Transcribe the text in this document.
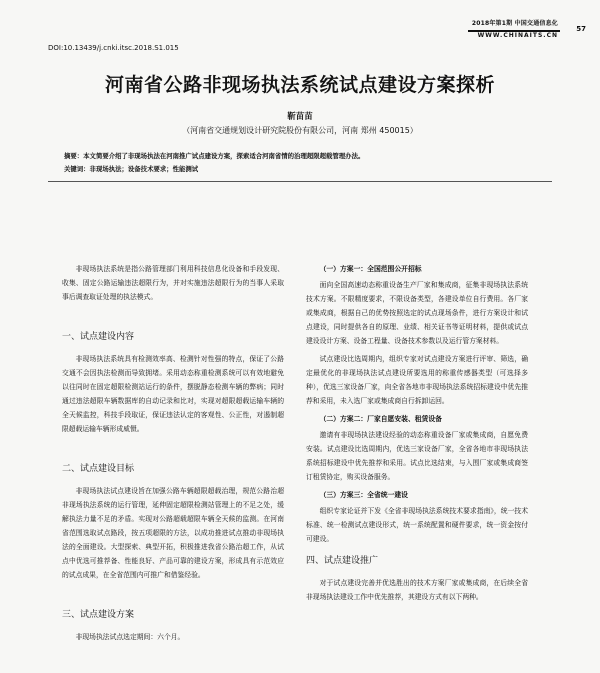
2018年第1期 中国交通信息化
57
WWW.CHINAITS.CN
DOI:10.13439/j.cnki.itsc.2018.S1.015
河南省公路非现场执法系统试点建设方案探析
靳苗苗
（河南省交通规划设计研究院股份有限公司，河南 郑州 450015）
摘要：本文简要介绍了非现场执法在河南推广试点建设方案，探索适合河南省情的治理超限超载管理办法。
关键词：非现场执法；设备技术要求；性能测试

非现场执法系统是指公路管理部门利用科技信息化设备和手段发现、收集、固定公路运输违法超限行为，并对实施违法超限行为的当事人采取事后调查取证处理的执法模式。

一、试点建设内容

非现场执法系统具有检测效率高、检测针对性强的特点，保证了公路交通不会因执法检测而导致拥堵。采用动态称重检测系统可以有效地避免以往同时在固定超限检测站运行的条件，摆脱静态检测车辆的弊病；同时通过违法超限车辆数据库的自动记录和比对，实现对超限超载运输车辆的全天候监控，科技手段取证，保证违法认定的客观性、公正性，对遏制超限超载运输车辆形成威慑。

二、试点建设目标

非现场执法试点建设旨在加强公路车辆超限超载治理，规范公路治超非现场执法系统的运行管理，延伸固定超限检测站管理上的不足之处，缓解执法力量不足的矛盾。实现对公路超载超限车辆全天候的监测。在河南省范围选取试点路段，按五项超限的方法，以成功推进试点推动非现场执法的全面建设。大型探索、典型开拓，积极推进我省公路治超工作，从试点中优选可推荐备、性能良好、产品可靠的建设方案，形成具有示范效应的试点成果，在全省范围内可推广和借鉴经验。

三、试点建设方案

非现场执法试点选定期间：六个月。

（一）方案一：全国范围公开招标

面向全国高速动态称重设备生产厂家和集成商，征集非现场执法系统技术方案。不限精度要求，不限设备类型，各建设单位自行费用。各厂家或集成商，根据自己的优势按照选定的试点现场条件，进行方案设计和试点建设，同时提供各自的原理、业绩、相关证书等证明材料，提供或试点建设设计方案、设备工程量、设备技术参数以及运行管方案材料。

试点建设比选周期内，组织专家对试点建设方案进行评审、筛选，确定最优化的非现场执法试点建设所要选用的称重传感器类型（可选择多种），优选三家设备厂家，向全省各地市非现场执法系统招标建设中优先推荐和采用，未入选厂家或集成商自行拆卸运回。

（二）方案二：厂家自愿安装、租赁设备

邀请有非现场执法建设经验的动态称重设备厂家或集成商，自愿免费安装。试点建设比选周期内，优选三家设备厂家，全省各地市非现场执法系统招标建设中优先推荐和采用。试点比选结束，与入围厂家或集成商签订租赁协定，购买设备服务。

（三）方案三：全省统一建设

组织专家论证并下发《全省非现场执法系统技术要求指南》，统一技术标准、统一检测试点建设形式，统一系统配置和硬件要求，统一资金按付可建设。

四、试点建设推广

对于试点建设完善并优选胜出的技术方案厂家或集成商，在后续全省非现场执法建设工作中优先推荐，其建设方式有以下两种。
